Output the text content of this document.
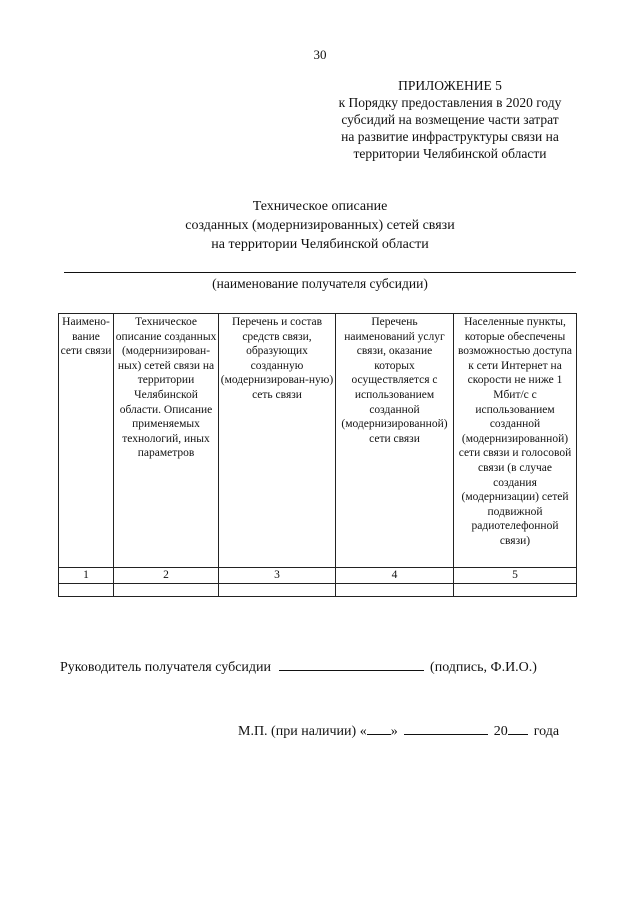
30
ПРИЛОЖЕНИЕ 5
к Порядку предоставления в 2020 году
субсидий на возмещение части затрат
на развитие инфраструктуры связи на
территории Челябинской области
Техническое описание
созданных (модернизированных) сетей связи
на территории Челябинской области
(наименование получателя субсидии)
Наимено-вание сети связи	Техническое описание созданных (модернизирован-ных) сетей связи на территории Челябинской области. Описание применяемых технологий, иных параметров	Перечень и состав средств связи, образующих созданную (модернизирован-ную) сеть связи	Перечень наименований услуг связи, оказание которых осуществляется с использованием созданной (модернизированной) сети связи	Населенные пункты, которые обеспечены возможностью доступа к сети Интернет на скорости не ниже 1 Мбит/с с использованием созданной (модернизированной) сети связи и голосовой связи (в случае создания (модернизации) сетей подвижной радиотелефонной связи)
1	2	3	4	5

Руководитель получателя субсидии	(подпись, Ф.И.О.)
М.П. (при наличии) « »	20 года
